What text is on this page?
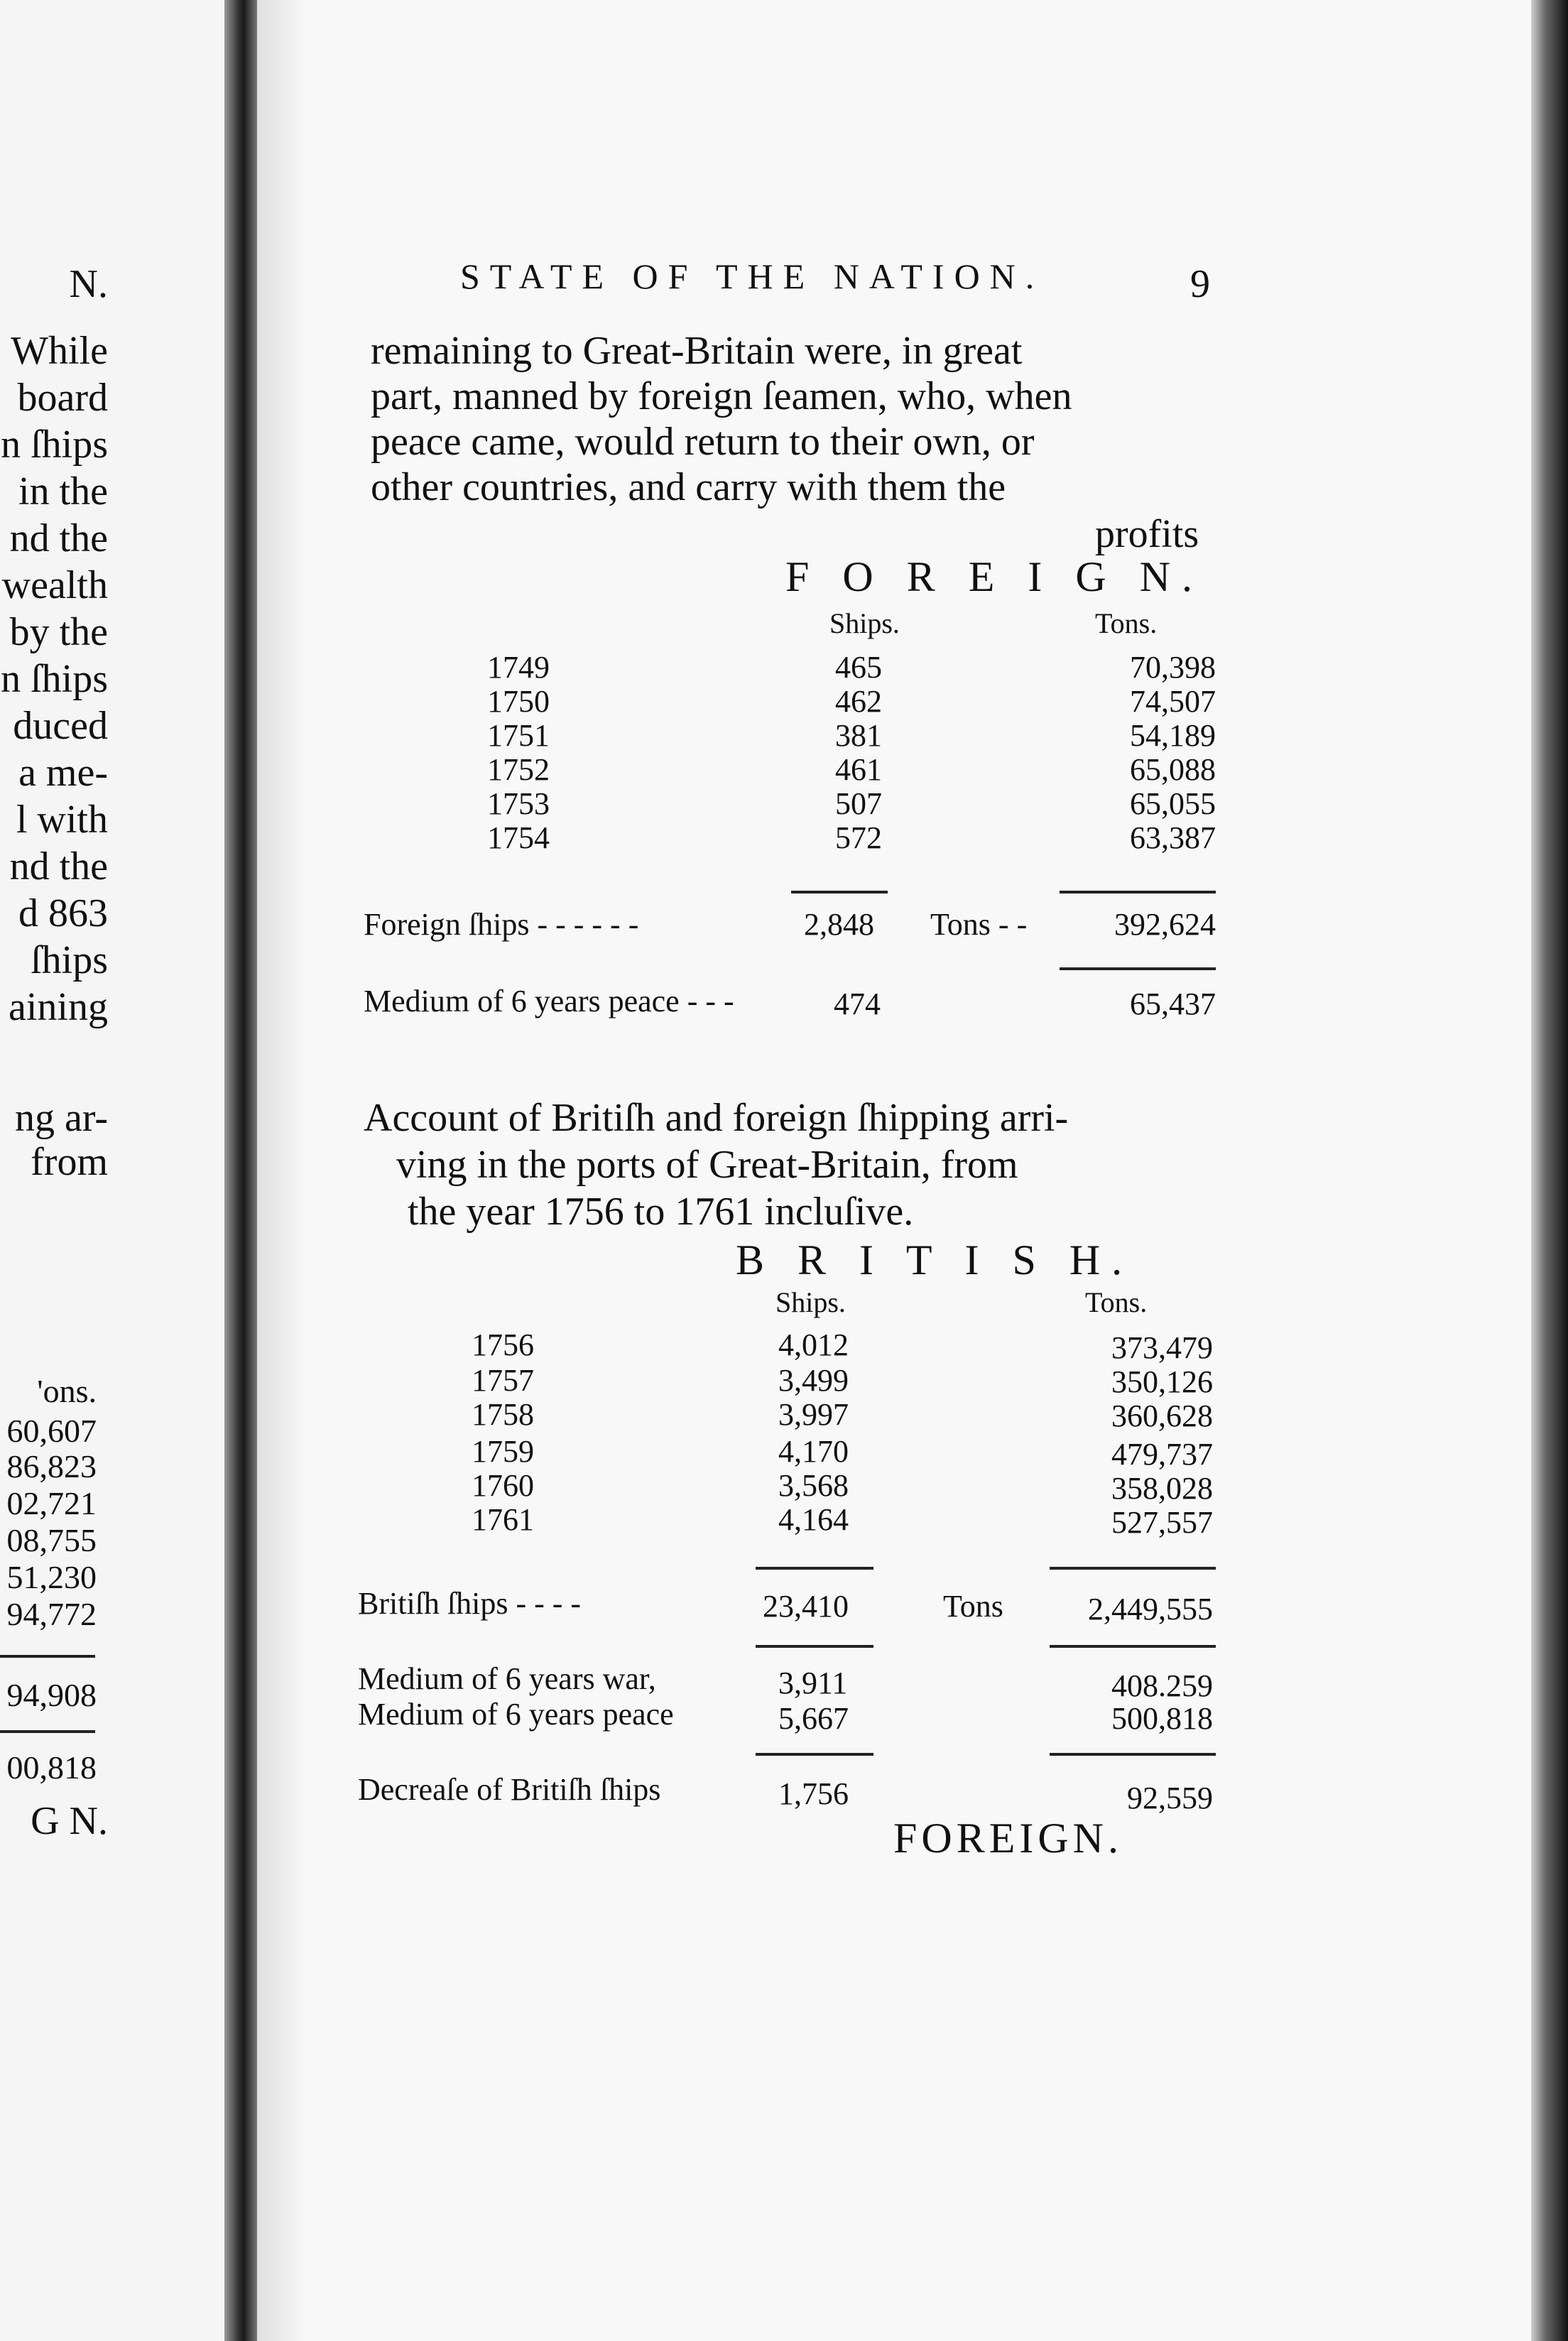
N.
While
board
n ſhips
in the
nd the
wealth
by the
n ſhips
duced
a me-
l with
nd the
d 863
ſhips
aining
ng ar-
from
'ons.
60,607
86,823
02,721
08,755
51,230
94,772
94,908
00,818
G N.
STATE OF THE NATION.	9
remaining to Great-Britain were, in great
part, manned by foreign ſeamen, who, when
peace came, would return to their own, or
other countries, and carry with them the
profits
F O R E I G N.
Ships.	Tons.
1749	465	70,398
1750	462	74,507
1751	381	54,189
1752	461	65,088
1753	507	65,055
1754	572	63,387
Foreign ſhips - - - - - -	2,848 Tons - -	392,624
Medium of 6 years peace - - -	474	65,437
Account of Britiſh and foreign ſhipping arri-
ving in the ports of Great-Britain, from
the year 1756 to 1761 incluſive.
B R I T I S H.
Ships.	Tons.
1756	4,012	373,479
1757	3,499	350,126
1758	3,997	360,628
1759	4,170	479,737
1760	3,568	358,028
1761	4,164	527,557
Britiſh ſhips - - - -	23,410	Tons	2,449,555
Medium of 6 years war,	3,911	408.259
Medium of 6 years peace	5,667	500,818
Decreaſe of Britiſh ſhips	1,756	92,559
FOREIGN.
